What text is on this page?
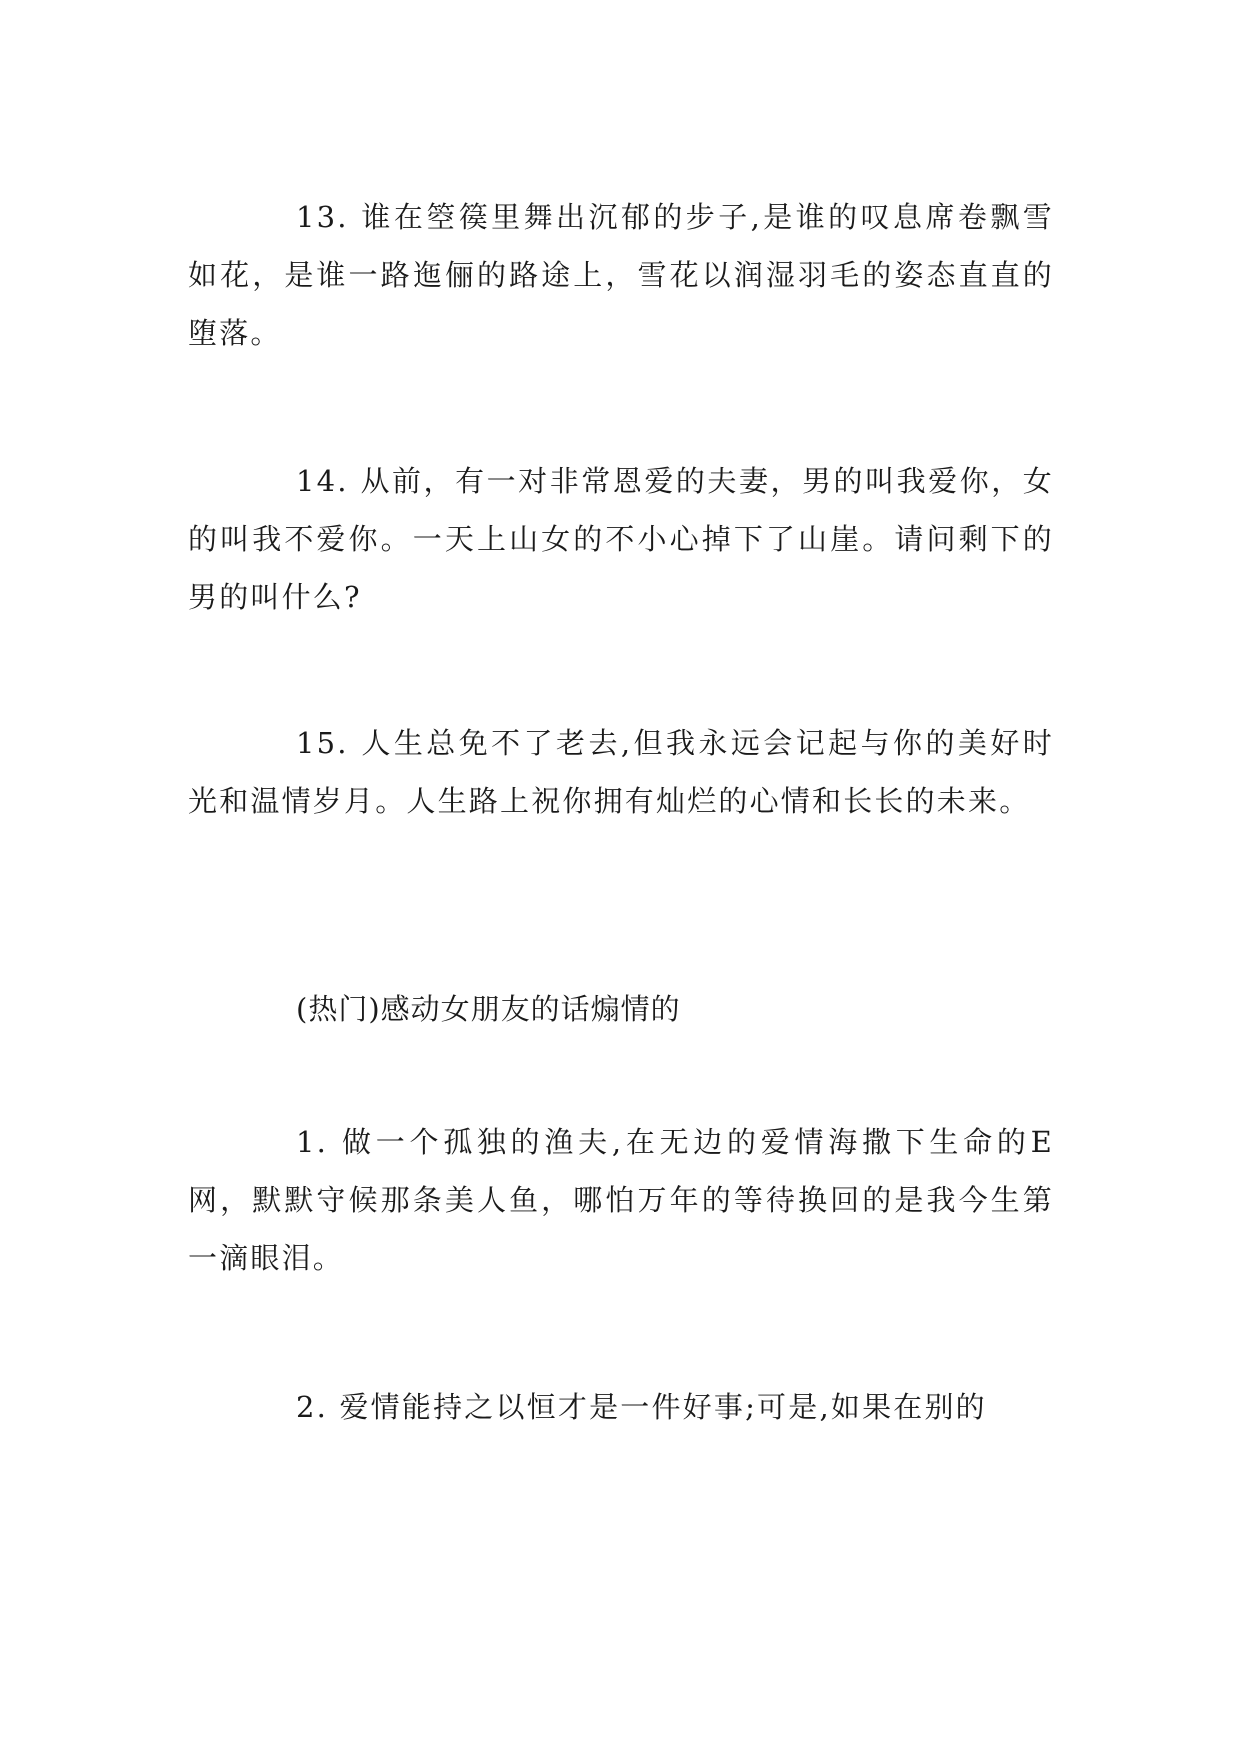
13. 谁在箜篌里舞出沉郁的步子,是谁的叹息席卷飘雪如花，是谁一路迤俪的路途上，雪花以润湿羽毛的姿态直直的堕落。

14. 从前，有一对非常恩爱的夫妻，男的叫我爱你，女的叫我不爱你。一天上山女的不小心掉下了山崖。请问剩下的男的叫什么?

15. 人生总免不了老去,但我永远会记起与你的美好时光和温情岁月。人生路上祝你拥有灿烂的心情和长长的未来。

(热门)感动女朋友的话煽情的

1. 做一个孤独的渔夫,在无边的爱情海撒下生命的E网，默默守候那条美人鱼，哪怕万年的等待换回的是我今生第一滴眼泪。

2. 爱情能持之以恒才是一件好事;可是,如果在别的
